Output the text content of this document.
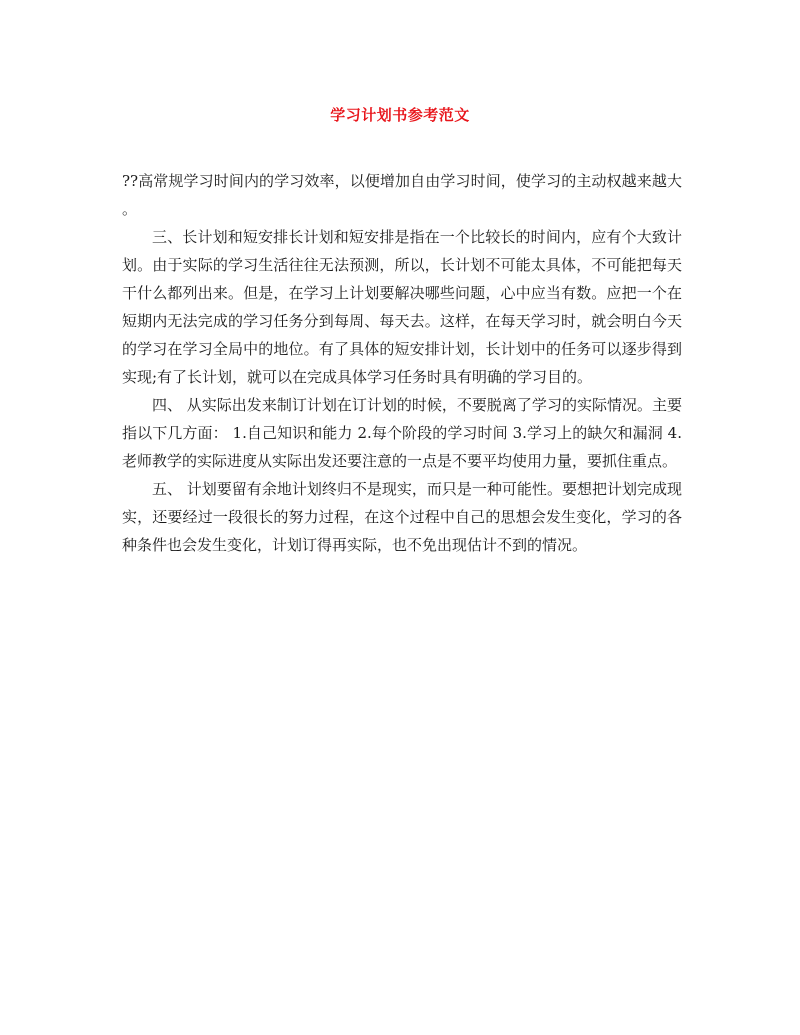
学习计划书参考范文

??高常规学习时间内的学习效率，以便增加自由学习时间，使学习的主动权越来越大。

三、长计划和短安排长计划和短安排是指在一个比较长的时间内，应有个大致计划。由于实际的学习生活往往无法预测，所以，长计划不可能太具体，不可能把每天干什么都列出来。但是，在学习上计划要解决哪些问题，心中应当有数。应把一个在短期内无法完成的学习任务分到每周、每天去。这样，在每天学习时，就会明白今天的学习在学习全局中的地位。有了具体的短安排计划，长计划中的任务可以逐步得到实现;有了长计划，就可以在完成具体学习任务时具有明确的学习目的。

四、 从实际出发来制订计划在订计划的时候，不要脱离了学习的实际情况。主要指以下几方面： 1.自己知识和能力 2.每个阶段的学习时间 3.学习上的缺欠和漏洞 4.老师教学的实际进度从实际出发还要注意的一点是不要平均使用力量，要抓住重点。

五、 计划要留有余地计划终归不是现实，而只是一种可能性。要想把计划完成现实，还要经过一段很长的努力过程，在这个过程中自己的思想会发生变化，学习的各种条件也会发生变化，计划订得再实际，也不免出现估计不到的情况。
